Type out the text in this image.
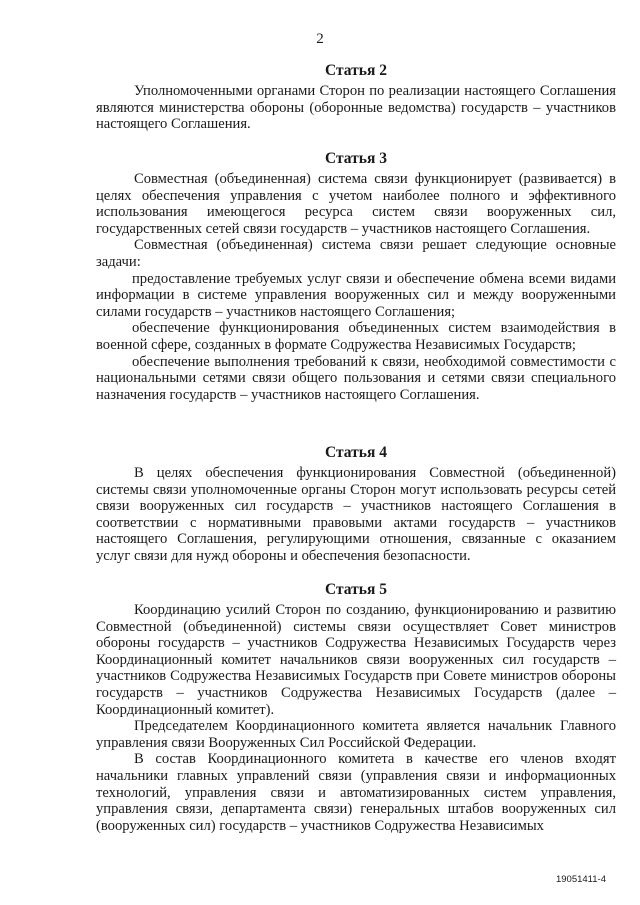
2
Статья 2

Уполномоченными органами Сторон по реализации настоящего Соглашения являются министерства обороны (оборонные ведомства) государств – участников настоящего Соглашения.

Статья 3

Совместная (объединенная) система связи функционирует (развивается) в целях обеспечения управления с учетом наиболее полного и эффективного использования имеющегося ресурса систем связи вооруженных сил, государственных сетей связи государств – участников настоящего Соглашения.

Совместная (объединенная) система связи решает следующие основные задачи:

предоставление требуемых услуг связи и обеспечение обмена всеми видами информации в системе управления вооруженных сил и между вооруженными силами государств – участников настоящего Соглашения;

обеспечение функционирования объединенных систем взаимодействия в военной сфере, созданных в формате Содружества Независимых Государств;

обеспечение выполнения требований к связи, необходимой совместимости с национальными сетями связи общего пользования и сетями связи специального назначения государств – участников настоящего Соглашения.

Статья 4

В целях обеспечения функционирования Совместной (объединенной) системы связи уполномоченные органы Сторон могут использовать ресурсы сетей связи вооруженных сил государств – участников настоящего Соглашения в соответствии с нормативными правовыми актами государств – участников настоящего Соглашения, регулирующими отношения, связанные с оказанием услуг связи для нужд обороны и обеспечения безопасности.

Статья 5

Координацию усилий Сторон по созданию, функционированию и развитию Совместной (объединенной) системы связи осуществляет Совет министров обороны государств – участников Содружества Независимых Государств через Координационный комитет начальников связи вооруженных сил государств – участников Содружества Независимых Государств при Совете министров обороны государств – участников Содружества Независимых Государств (далее – Координационный комитет).

Председателем Координационного комитета является начальник Главного управления связи Вооруженных Сил Российской Федерации.

В состав Координационного комитета в качестве его членов входят начальники главных управлений связи (управления связи и информационных технологий, управления связи и автоматизированных систем управления, управления связи, департамента связи) генеральных штабов вооруженных сил (вооруженных сил) государств – участников Содружества Независимых

19051411-4
